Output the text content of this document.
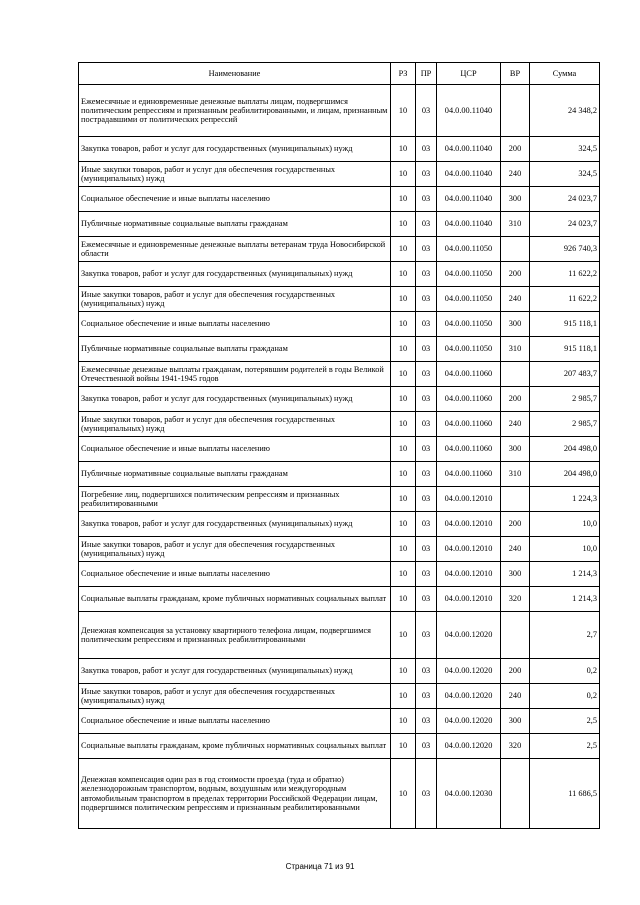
Наименование	РЗ	ПР	ЦСР	ВР	Сумма
Ежемесячные и единовременные денежные выплаты лицам, подвергшимся политическим репрессиям и признанным реабилитированными, и лицам, признанным пострадавшими от политических репрессий	10	03	04.0.00.11040		24 348,2
Закупка товаров, работ и услуг для государственных (муниципальных) нужд	10	03	04.0.00.11040	200	324,5
Иные закупки товаров, работ и услуг для обеспечения государственных (муниципальных) нужд	10	03	04.0.00.11040	240	324,5
Социальное обеспечение и иные выплаты населению	10	03	04.0.00.11040	300	24 023,7
Публичные нормативные социальные выплаты гражданам	10	03	04.0.00.11040	310	24 023,7
Ежемесячные и единовременные денежные выплаты ветеранам труда Новосибирской области	10	03	04.0.00.11050		926 740,3
Закупка товаров, работ и услуг для государственных (муниципальных) нужд	10	03	04.0.00.11050	200	11 622,2
Иные закупки товаров, работ и услуг для обеспечения государственных (муниципальных) нужд	10	03	04.0.00.11050	240	11 622,2
Социальное обеспечение и иные выплаты населению	10	03	04.0.00.11050	300	915 118,1
Публичные нормативные социальные выплаты гражданам	10	03	04.0.00.11050	310	915 118,1
Ежемесячные денежные выплаты гражданам, потерявшим родителей в годы Великой Отечественной войны 1941-1945 годов	10	03	04.0.00.11060		207 483,7
Закупка товаров, работ и услуг для государственных (муниципальных) нужд	10	03	04.0.00.11060	200	2 985,7
Иные закупки товаров, работ и услуг для обеспечения государственных (муниципальных) нужд	10	03	04.0.00.11060	240	2 985,7
Социальное обеспечение и иные выплаты населению	10	03	04.0.00.11060	300	204 498,0
Публичные нормативные социальные выплаты гражданам	10	03	04.0.00.11060	310	204 498,0
Погребение лиц, подвергшихся политическим репрессиям и признанных реабилитированными	10	03	04.0.00.12010		1 224,3
Закупка товаров, работ и услуг для государственных (муниципальных) нужд	10	03	04.0.00.12010	200	10,0
Иные закупки товаров, работ и услуг для обеспечения государственных (муниципальных) нужд	10	03	04.0.00.12010	240	10,0
Социальное обеспечение и иные выплаты населению	10	03	04.0.00.12010	300	1 214,3
Социальные выплаты гражданам, кроме публичных нормативных социальных выплат	10	03	04.0.00.12010	320	1 214,3
Денежная компенсация за установку квартирного телефона лицам, подвергшимся политическим репрессиям и признанных реабилитированными	10	03	04.0.00.12020		2,7
Закупка товаров, работ и услуг для государственных (муниципальных) нужд	10	03	04.0.00.12020	200	0,2
Иные закупки товаров, работ и услуг для обеспечения государственных (муниципальных) нужд	10	03	04.0.00.12020	240	0,2
Социальное обеспечение и иные выплаты населению	10	03	04.0.00.12020	300	2,5
Социальные выплаты гражданам, кроме публичных нормативных социальных выплат	10	03	04.0.00.12020	320	2,5
Денежная компенсация один раз в год стоимости проезда (туда и обратно) железнодорожным транспортом, водным, воздушным или междугородным автомобильным транспортом в пределах территории Российской Федерации лицам, подвергшимся политическим репрессиям и признанным реабилитированными	10	03	04.0.00.12030		11 686,5
Страница 71 из 91
